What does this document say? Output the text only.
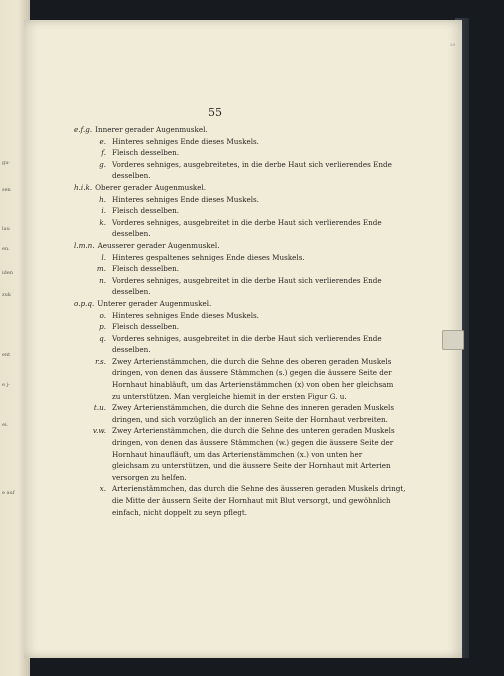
gu-
sen
lau
en.
iden
zuk
ent
e j-
ei.
e auf
29
55
e.f.g. Innerer gerader Augenmuskel.
e. Hinteres sehniges Ende dieses Muskels.
f. Fleisch desselben.
g. Vorderes sehniges, ausgebreitetes, in die derbe Haut sich verlierendes Ende
desselben.
h.i.k. Oberer gerader Augenmuskel.
h. Hinteres sehniges Ende dieses Muskels.
i. Fleisch desselben.
k. Vorderes sehniges, ausgebreitet in die derbe Haut sich verlierendes Ende
desselben.
l.m.n. Aeusserer gerader Augenmuskel.
l. Hinteres gespaltenes sehniges Ende dieses Muskels.
m. Fleisch desselben.
n. Vorderes sehniges, ausgebreitet in die derbe Haut sich verlierendes Ende
desselben.
o.p.q. Unterer gerader Augenmuskel.
o. Hinteres sehniges Ende dieses Muskels.
p. Fleisch desselben.
q. Vorderes sehniges, ausgebreitet in die derbe Haut sich verlierendes Ende
desselben.
r.s. Zwey Arterienstämmchen, die durch die Sehne des oberen geraden Muskels
dringen, von denen das äussere Stämmchen (s.) gegen die äussere Seite der
Hornhaut hinabläuft, um das Arterienstämmchen (x) von oben her gleichsam
zu unterstützen. Man vergleiche hiemit in der ersten Figur G. u.
t.u. Zwey Arterienstämmchen, die durch die Sehne des inneren geraden Muskels
dringen, und sich vorzüglich an der inneren Seite der Hornhaut verbreiten.
v.w. Zwey Arterienstämmchen, die durch die Sehne des unteren geraden Muskels
dringen, von denen das äussere Stämmchen (w.) gegen die äussere Seite der
Hornhaut hinaufläuft, um das Arterienstämmchen (x.) von unten her
gleichsam zu unterstützen, und die äussere Seite der Hornhaut mit Arterien
versorgen zu helfen.
x. Arterienstämmchen, das durch die Sehne des äusseren geraden Muskels dringt,
die Mitte der äussern Seite der Hornhaut mit Blut versorgt, und gewöhnlich
einfach, nicht doppelt zu seyn pflegt.
